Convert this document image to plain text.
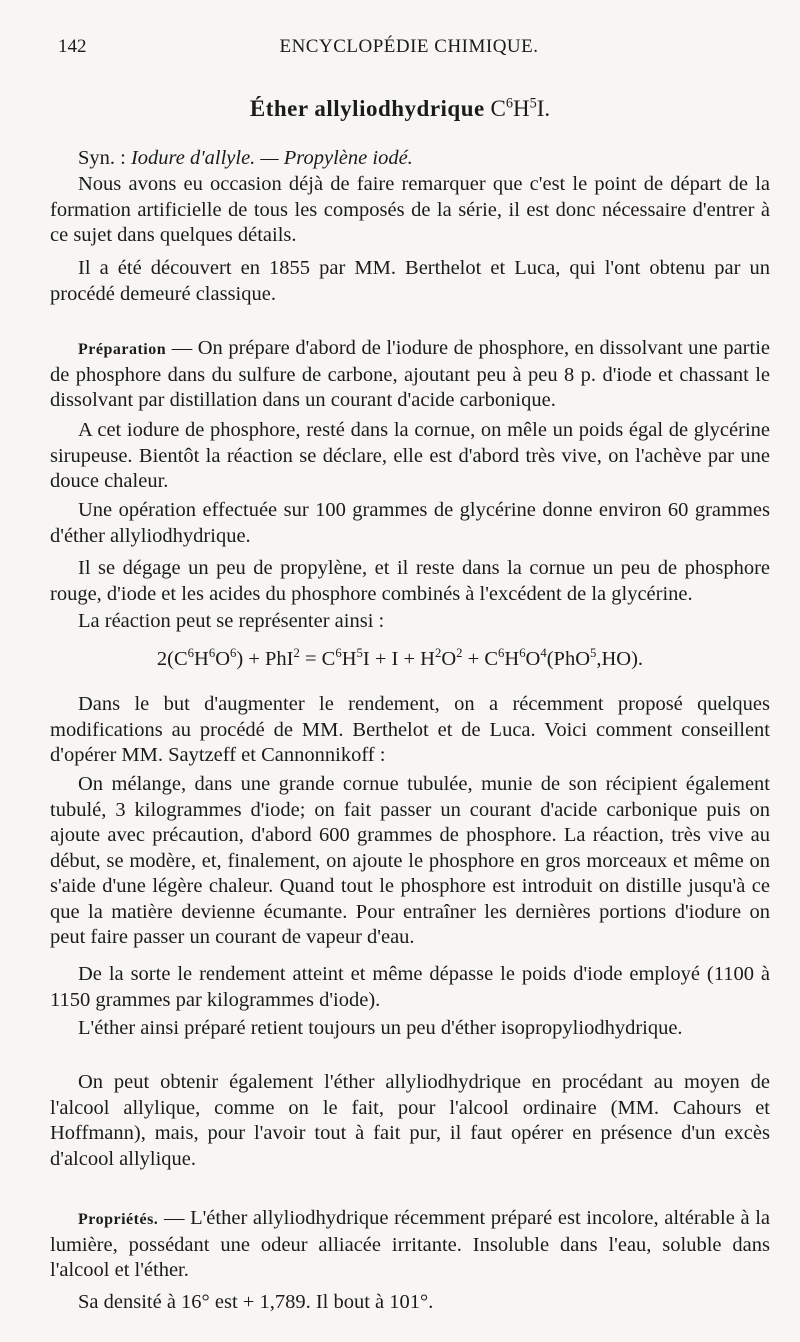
142	ENCYCLOPÉDIE CHIMIQUE.
Éther allyliodhydrique $C^6H^5I$.

Syn. : Iodure d'allyle. — Propylène iodé.

Nous avons eu occasion déjà de faire remarquer que c'est le point de départ de la formation artificielle de tous les composés de la série, il est donc nécessaire d'entrer à ce sujet dans quelques détails.

Il a été découvert en 1855 par MM. Berthelot et Luca, qui l'ont obtenu par un procédé demeuré classique.

Préparation — On prépare d'abord de l'iodure de phosphore, en dissolvant une partie de phosphore dans du sulfure de carbone, ajoutant peu à peu 8 p. d'iode et chassant le dissolvant par distillation dans un courant d'acide carbonique.

A cet iodure de phosphore, resté dans la cornue, on mêle un poids égal de glycérine sirupeuse. Bientôt la réaction se déclare, elle est d'abord très vive, on l'achève par une douce chaleur.

Une opération effectuée sur 100 grammes de glycérine donne environ 60 grammes d'éther allyliodhydrique.

Il se dégage un peu de propylène, et il reste dans la cornue un peu de phosphore rouge, d'iode et les acides du phosphore combinés à l'excédent de la glycérine.

La réaction peut se représenter ainsi :

$2(C^6H^6O^6) + PhI^2 = C^6H^5I + I + H^2O^2 + C^6H^6O^4(PhO^5,HO)$.

Dans le but d'augmenter le rendement, on a récemment proposé quelques modifications au procédé de MM. Berthelot et de Luca. Voici comment conseillent d'opérer MM. Saytzeff et Cannonnikoff :

On mélange, dans une grande cornue tubulée, munie de son récipient également tubulé, 3 kilogrammes d'iode; on fait passer un courant d'acide carbonique puis on ajoute avec précaution, d'abord 600 grammes de phosphore. La réaction, très vive au début, se modère, et, finalement, on ajoute le phosphore en gros morceaux et même on s'aide d'une légère chaleur. Quand tout le phosphore est introduit on distille jusqu'à ce que la matière devienne écumante. Pour entraîner les dernières portions d'iodure on peut faire passer un courant de vapeur d'eau.

De la sorte le rendement atteint et même dépasse le poids d'iode employé (1100 à 1150 grammes par kilogrammes d'iode).

L'éther ainsi préparé retient toujours un peu d'éther isopropyliodhydrique.

On peut obtenir également l'éther allyliodhydrique en procédant au moyen de l'alcool allylique, comme on le fait, pour l'alcool ordinaire (MM. Cahours et Hoffmann), mais, pour l'avoir tout à fait pur, il faut opérer en présence d'un excès d'alcool allylique.

Propriétés. — L'éther allyliodhydrique récemment préparé est incolore, altérable à la lumière, possédant une odeur alliacée irritante. Insoluble dans l'eau, soluble dans l'alcool et l'éther.

Sa densité à 16° est + 1,789. Il bout à 101°.
